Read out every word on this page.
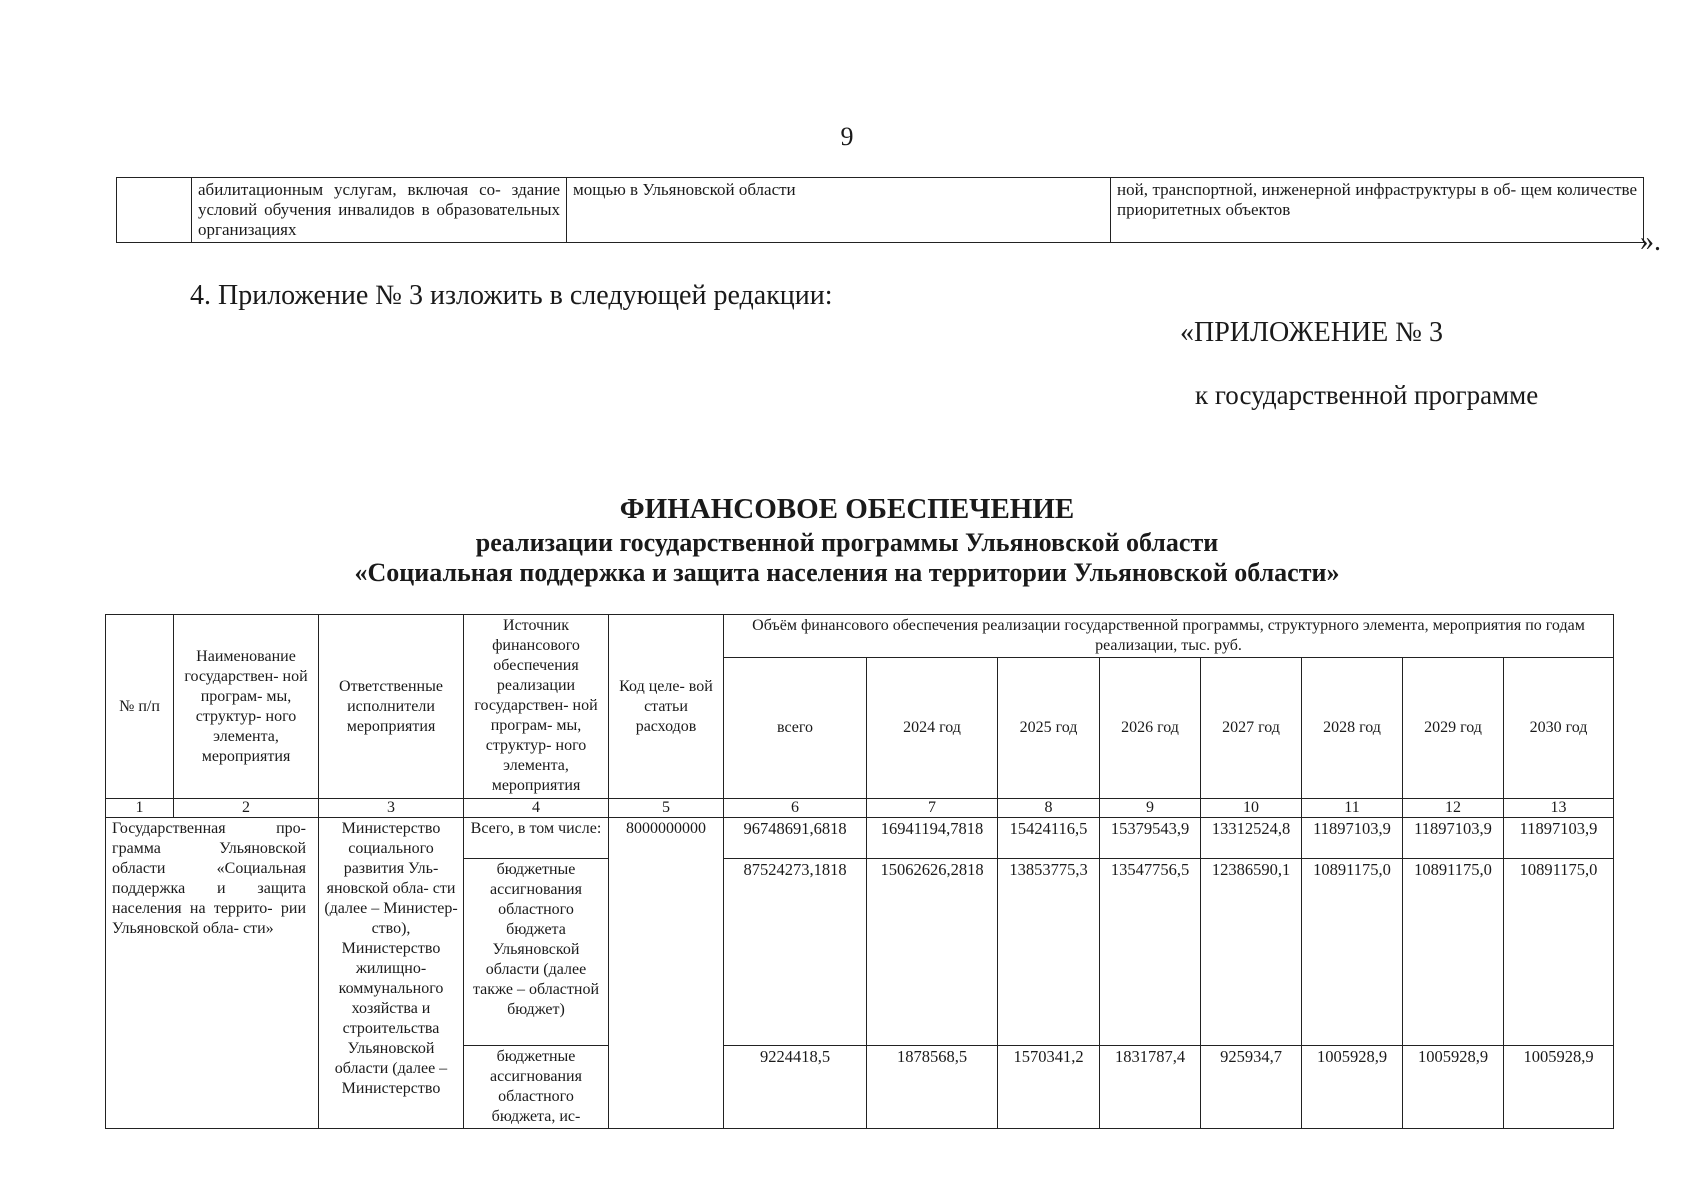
9
	абилитационным услугам, включая со- здание условий обучения инвалидов в образовательных организациях	мощью в Ульяновской области	ной, транспортной, инженерной инфраструктуры в об- щем количестве приоритетных объектов
».
4. Приложение № 3 изложить в следующей редакции:
«ПРИЛОЖЕНИЕ № 3
к государственной программе
ФИНАНСОВОЕ ОБЕСПЕЧЕНИЕ
реализации государственной программы Ульяновской области
«Социальная поддержка и защита населения на территории Ульяновской области»
№ п/п	Наименование государствен- ной програм- мы, структур- ного элемента, мероприятия	Ответственные исполнители мероприятия	Источник финансового обеспечения реализации государствен- ной програм- мы, структур- ного элемента, мероприятия	Код целе- вой статьи расходов	Объём финансового обеспечения реализации государственной программы, структурного элемента, мероприятия по годам реализации, тыс. руб.							
					всего	2024 год	2025 год	2026 год	2027 год	2028 год	2029 год	2030 год
1	2	3	4	5	6	7	8	9	10	11	12	13
Государственная про- грамма Ульяновской области «Социальная поддержка и защита населения на террито- рии Ульяновской обла- сти»		Министерство социального развития Уль- яновской обла- сти (далее – Министер- ство), Министерство жилищно- коммунального хозяйства и строительства Ульяновской области (далее – Министерство	Всего, в том числе:	8000000000	96748691,6818	16941194,7818	15424116,5	15379543,9	13312524,8	11897103,9	11897103,9	11897103,9
			бюджетные ассигнования областного бюджета Ульяновской области (далее также – областной бюджет)		87524273,1818	15062626,2818	13853775,3	13547756,5	12386590,1	10891175,0	10891175,0	10891175,0
			бюджетные ассигнования областного бюджета, ис-		9224418,5	1878568,5	1570341,2	1831787,4	925934,7	1005928,9	1005928,9	1005928,9
